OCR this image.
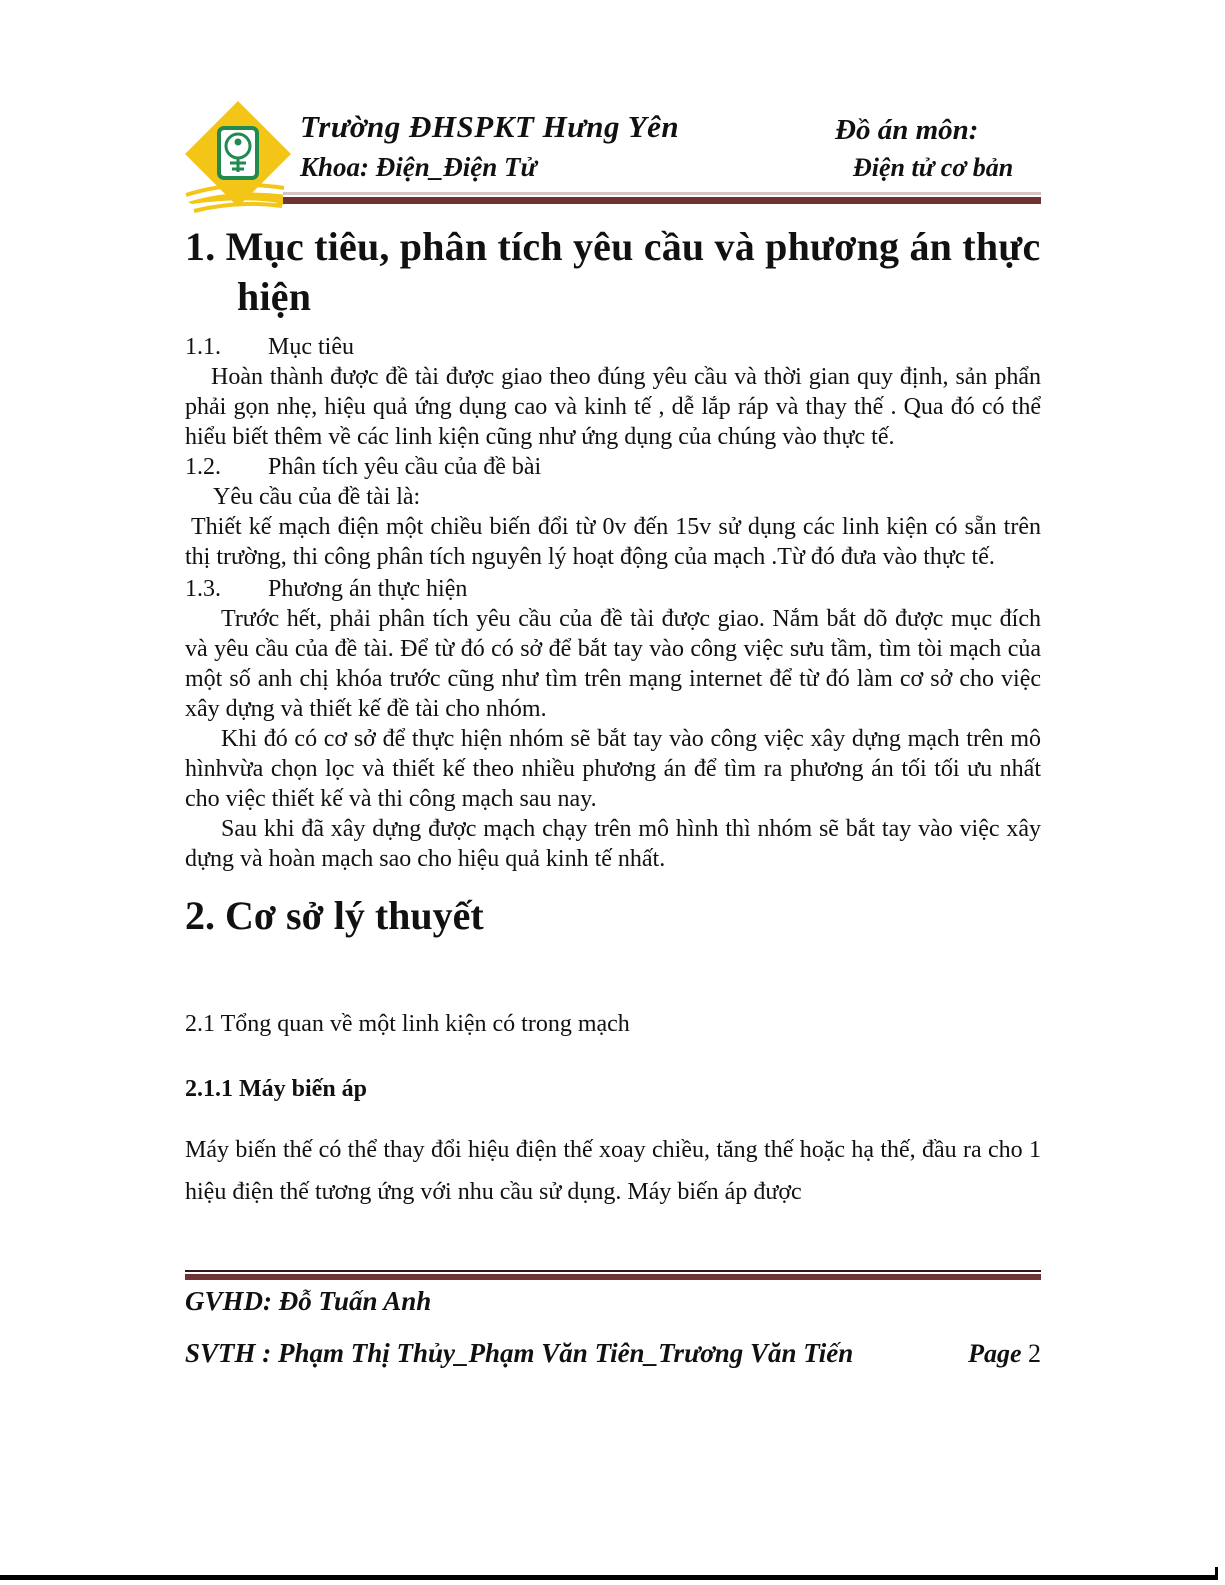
Trường ĐHSPKT Hưng Yên
Khoa: Điện_Điện Tử
Đồ án môn:
Điện tử cơ bản

1. Mục tiêu, phân tích yêu cầu và phương án thực hiện

1.1. Mục tiêu

Hoàn thành được đề tài được giao theo đúng yêu cầu và thời gian quy định, sản phẩn phải gọn nhẹ, hiệu quả ứng dụng cao và kinh tế , dễ lắp ráp và thay thế . Qua đó có thể hiểu biết thêm về các linh kiện cũng như ứng dụng của chúng vào thực tế.

1.2. Phân tích yêu cầu của đề bài

Yêu cầu của đề tài là:

Thiết kế mạch điện một chiều biến đổi từ 0v đến 15v sử dụng các linh kiện có sẵn trên thị trường, thi công phân tích nguyên lý hoạt động của mạch .Từ đó đưa vào thực tế.

1.3. Phương án thực hiện

Trước hết, phải phân tích yêu cầu của đề tài được giao. Nắm bắt dõ được mục đích và yêu cầu của đề tài. Để từ đó có sở để bắt tay vào công việc sưu tầm, tìm tòi mạch của một số anh chị khóa trước cũng như tìm trên mạng internet để từ đó làm cơ sở cho việc xây dựng và thiết kế đề tài cho nhóm.

Khi đó có cơ sở để thực hiện nhóm sẽ bắt tay vào công việc xây dựng mạch trên mô hìnhvừa chọn lọc và thiết kế theo nhiều phương án để tìm ra phương án tối tối ưu nhất cho việc thiết kế và thi công mạch sau nay.

Sau khi đã xây dựng được mạch chạy trên mô hình thì nhóm sẽ bắt tay vào việc xây dựng và hoàn mạch sao cho hiệu quả kinh tế nhất.

2. Cơ sở lý thuyết

2.1 Tổng quan về một linh kiện có trong mạch

2.1.1 Máy biến áp

Máy biến thế có thể thay đổi hiệu điện thế xoay chiều, tăng thế hoặc hạ thế, đầu ra cho 1 hiệu điện thế tương ứng với nhu cầu sử dụng. Máy biến áp được

GVHD: Đỗ Tuấn Anh
SVTH : Phạm Thị Thủy_Phạm Văn Tiên_Trương Văn Tiến	Page 2
